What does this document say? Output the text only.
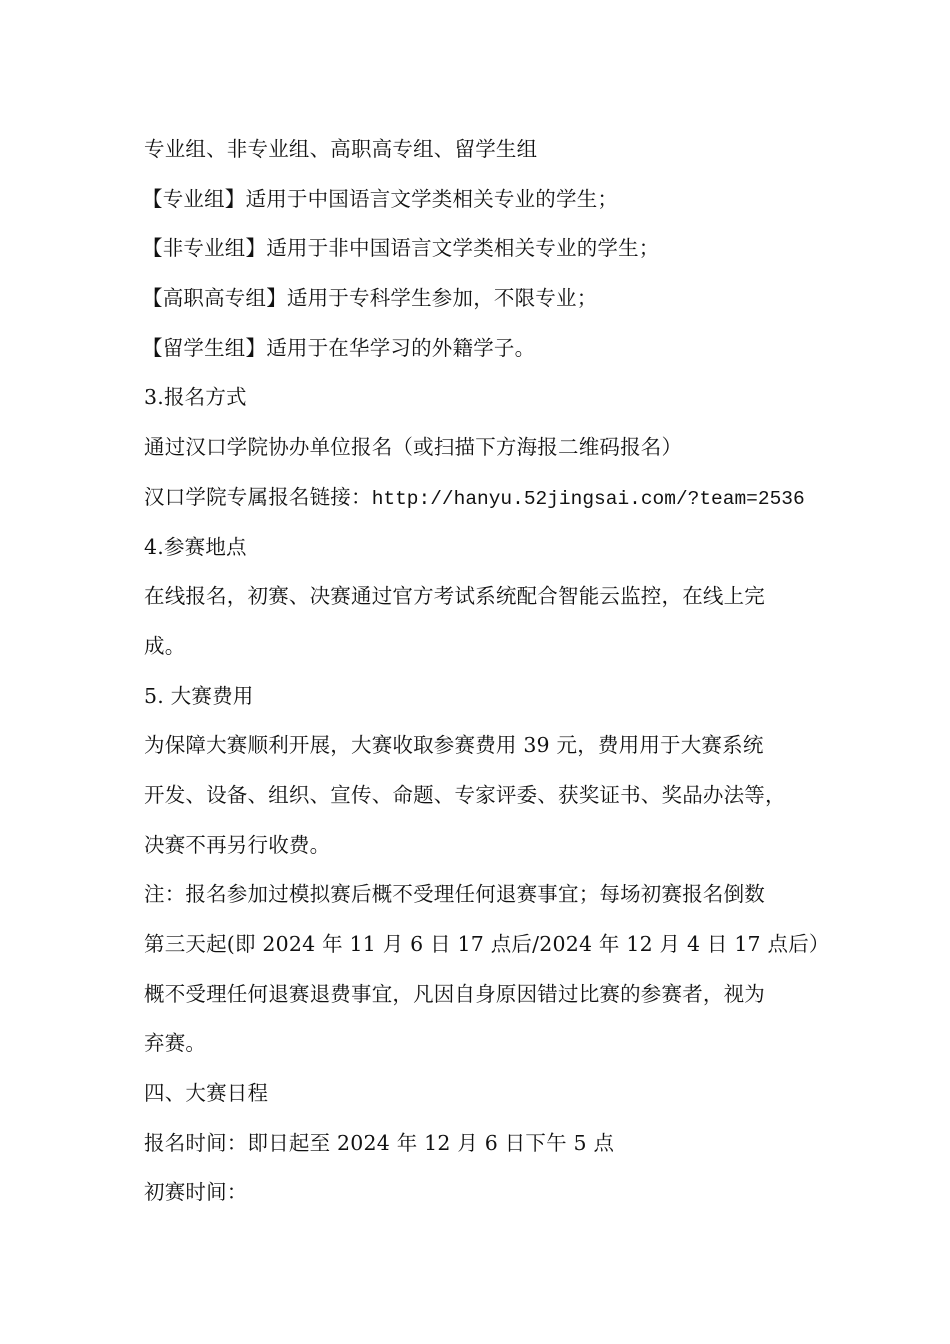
专业组、非专业组、高职高专组、留学生组
【专业组】适用于中国语言文学类相关专业的学生；
【非专业组】适用于非中国语言文学类相关专业的学生；
【高职高专组】适用于专科学生参加，不限专业；
【留学生组】适用于在华学习的外籍学子。
3.报名方式
通过汉口学院协办单位报名（或扫描下方海报二维码报名）
汉口学院专属报名链接：http://hanyu.52jingsai.com/?team=2536
4.参赛地点
在线报名，初赛、决赛通过官方考试系统配合智能云监控，在线上完
成。
5. 大赛费用
为保障大赛顺利开展，大赛收取参赛费用 39 元，费用用于大赛系统
开发、设备、组织、宣传、命题、专家评委、获奖证书、奖品办法等，
决赛不再另行收费。
注：报名参加过模拟赛后概不受理任何退赛事宜；每场初赛报名倒数
第三天起(即 2024 年 11 月 6 日 17 点后/2024 年 12 月 4 日 17 点后）
概不受理任何退赛退费事宜，凡因自身原因错过比赛的参赛者，视为
弃赛。
四、大赛日程
报名时间：即日起至 2024 年 12 月 6 日下午 5 点
初赛时间：
